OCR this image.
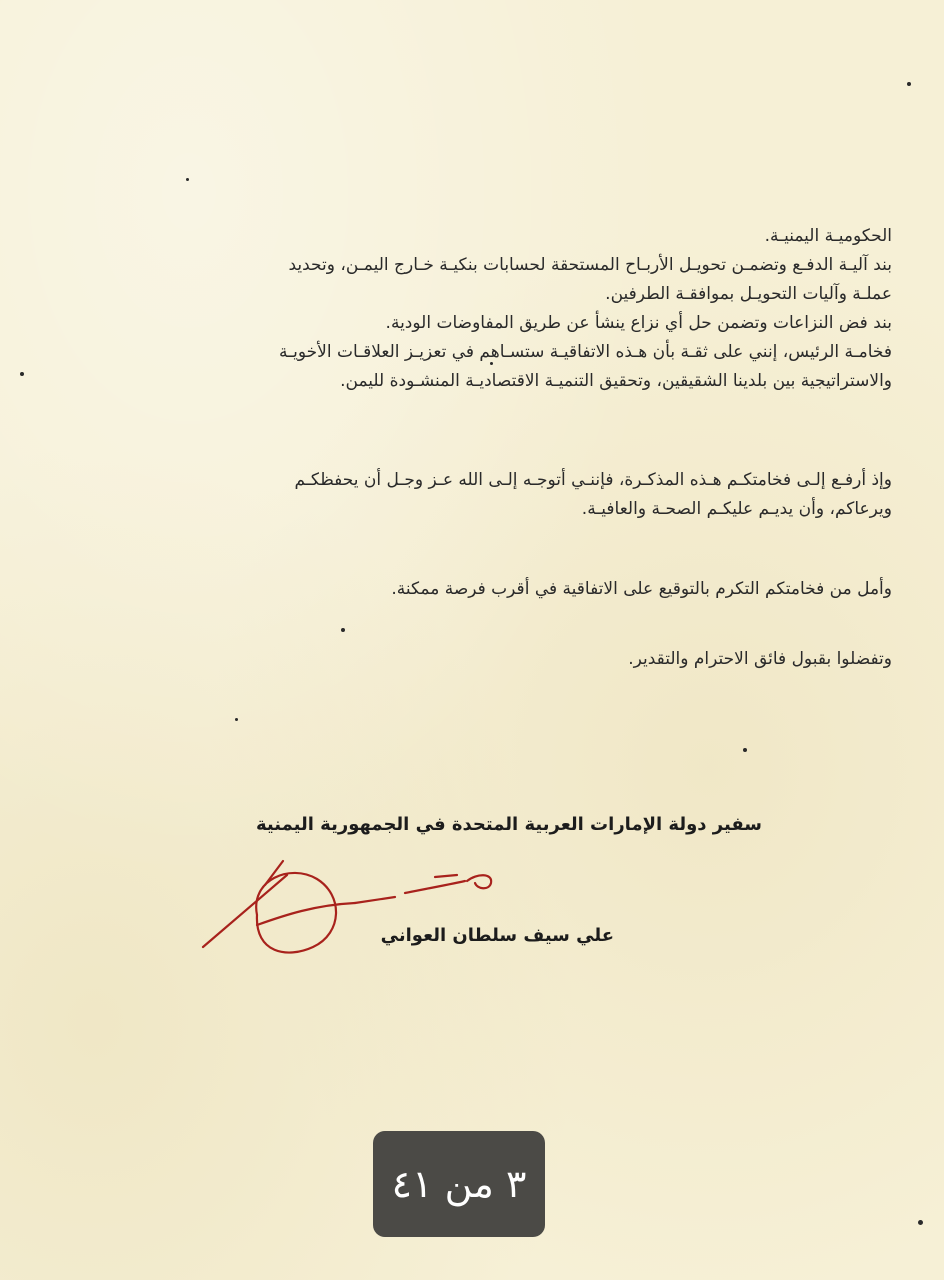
الحكوميـة اليمنيـة.

بند آليـة الدفـع وتضمـن تحويـل الأربـاح المستحقة لحسابات بنكيـة خـارج اليمـن، وتحديد

عملـة وآليات التحويـل بموافقـة الطرفين.

بند فض النزاعات وتضمن حل أي نزاع ينشأ عن طريق المفاوضات الودية.

فخامـة الرئيس، إنني على ثقـة بأن هـذه الاتفاقيـة ستسـاهم في تعزيـز العلاقـات الأخويـة

والاستراتيجية بين بلدينا الشقيقين، وتحقيق التنميـة الاقتصاديـة المنشـودة لليمن.

وإذ أرفـع إلـى فخامتكـم هـذه المذكـرة، فإننـي أتوجـه إلـى الله عـز وجـل أن يحفظكـم

ويرعاكم، وأن يديـم عليكـم الصحـة والعافيـة.

وأمل من فخامتكم التكرم بالتوقيع على الاتفاقية في أقرب فرصة ممكنة.

وتفضلوا بقبول فائق الاحترام والتقدير.

سفير دولة الإمارات العربية المتحدة في الجمهورية اليمنية
علي سيف سلطان العواني
٣ من ٤١
